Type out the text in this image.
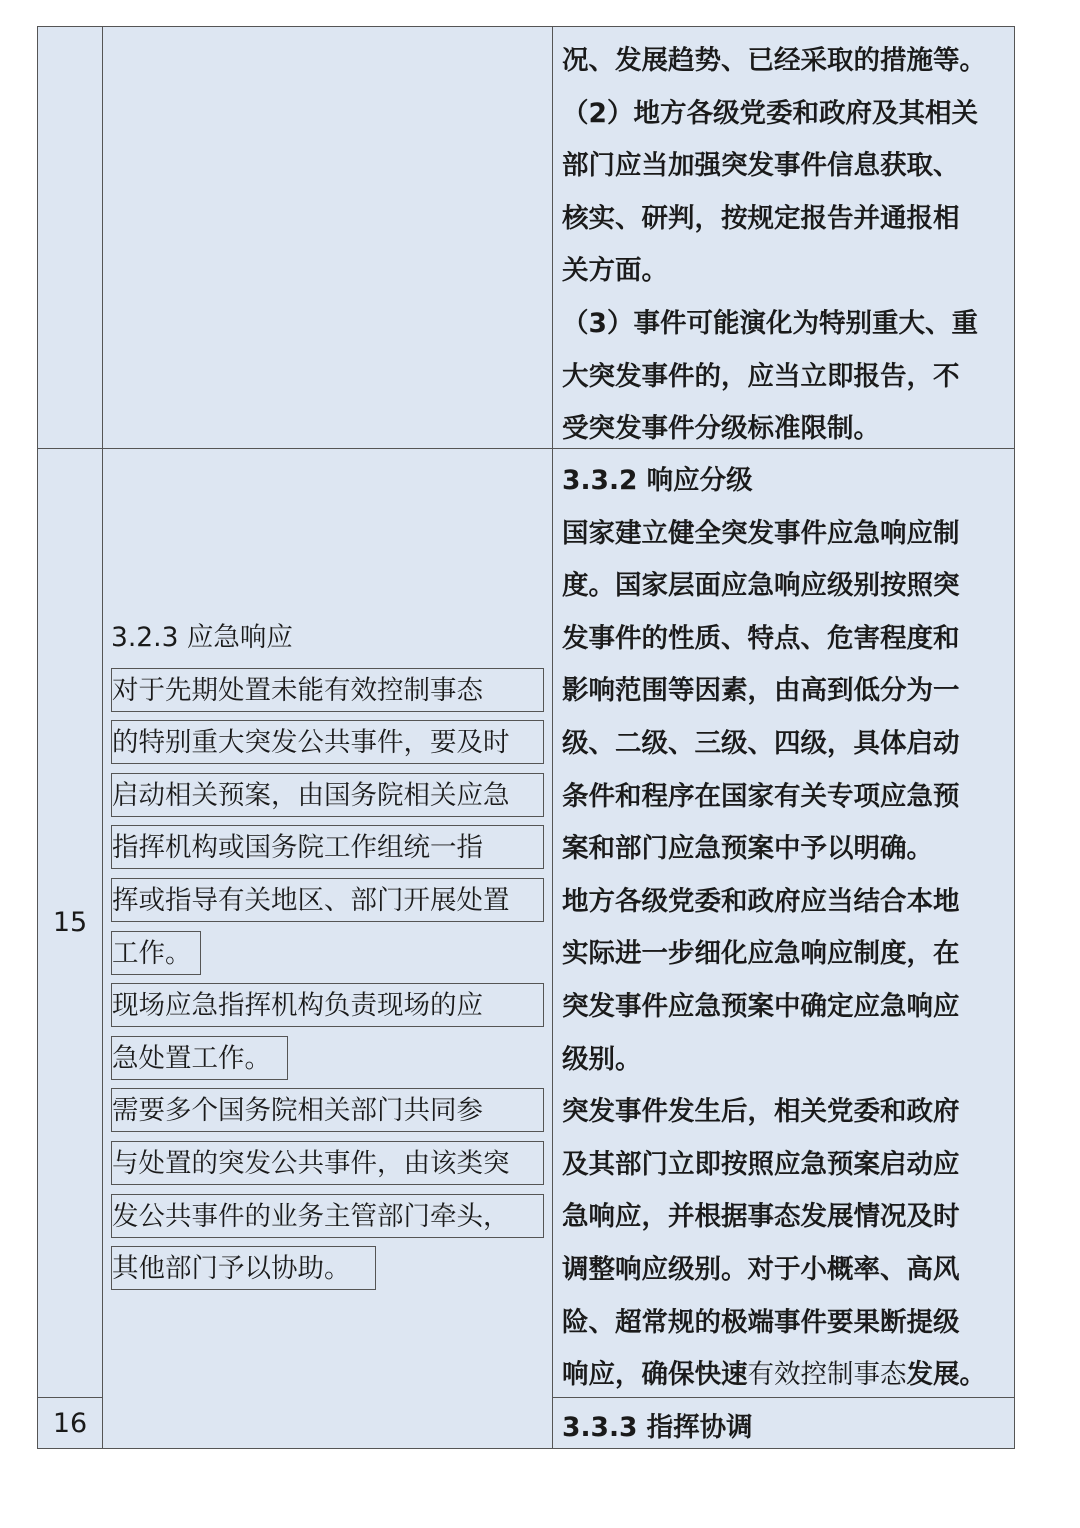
况、发展趋势、已经采取的措施等。
（2）地方各级党委和政府及其相关
部门应当加强突发事件信息获取、
核实、研判，按规定报告并通报相
关方面。
（3）事件可能演化为特别重大、重
大突发事件的，应当立即报告，不
受突发事件分级标准限制。
15
3.2.3 应急响应
对于先期处置未能有效控制事态
的特别重大突发公共事件，要及时
启动相关预案，由国务院相关应急
指挥机构或国务院工作组统一指
挥或指导有关地区、部门开展处置
工作。
现场应急指挥机构负责现场的应
急处置工作。
需要多个国务院相关部门共同参
与处置的突发公共事件，由该类突
发公共事件的业务主管部门牵头，
其他部门予以协助。
3.3.2 响应分级
国家建立健全突发事件应急响应制
度。国家层面应急响应级别按照突
发事件的性质、特点、危害程度和
影响范围等因素，由高到低分为一
级、二级、三级、四级，具体启动
条件和程序在国家有关专项应急预
案和部门应急预案中予以明确。
地方各级党委和政府应当结合本地
实际进一步细化应急响应制度，在
突发事件应急预案中确定应急响应
级别。
突发事件发生后，相关党委和政府
及其部门立即按照应急预案启动应
急响应，并根据事态发展情况及时
调整响应级别。对于小概率、高风
险、超常规的极端事件要果断提级
响应，确保快速有效控制事态发展。
16	3.3.3 指挥协调
